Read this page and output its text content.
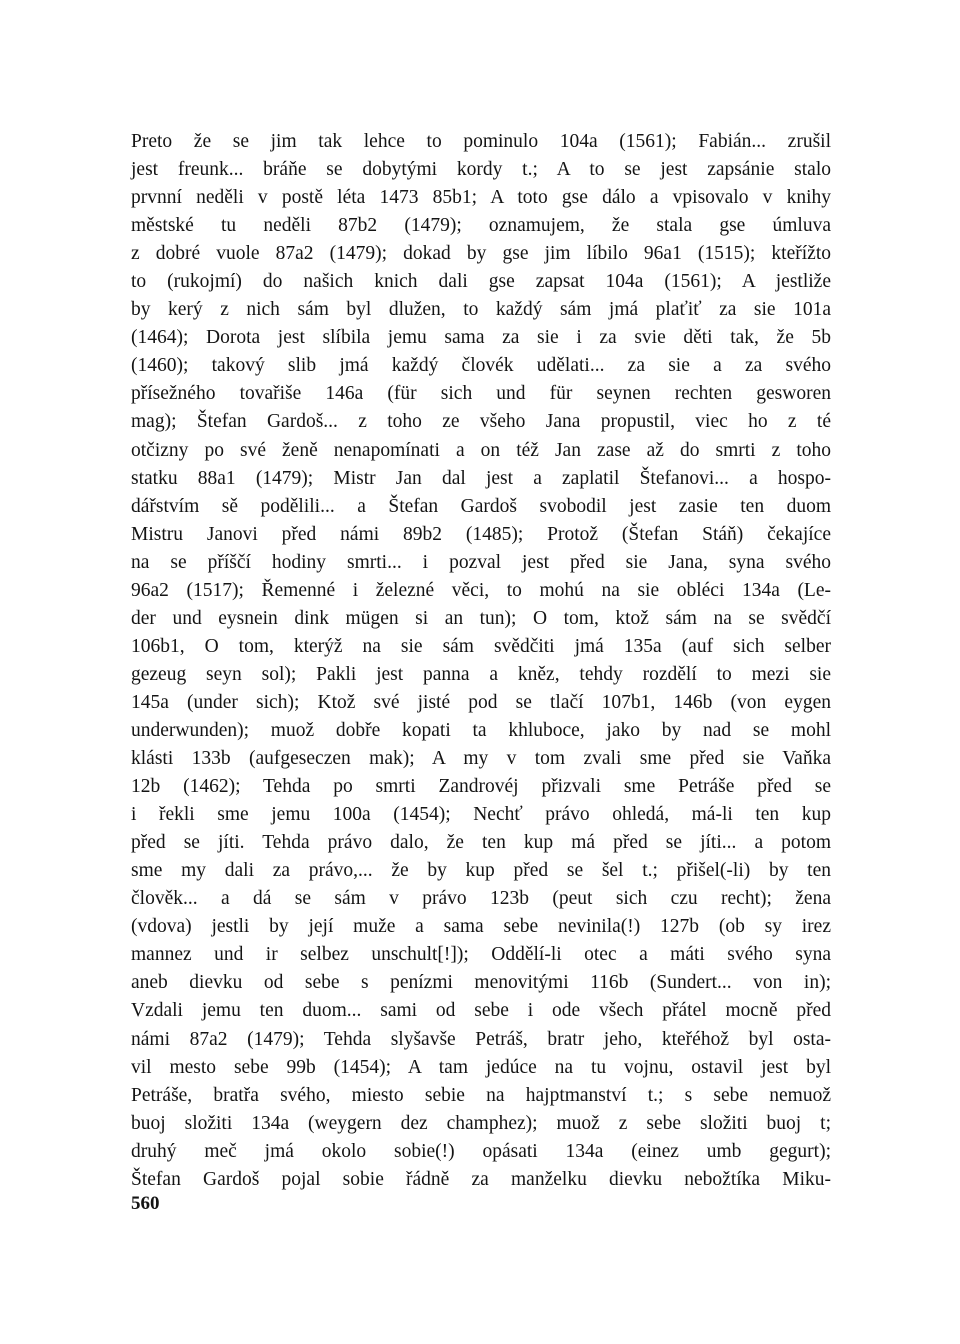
Preto že se jim tak lehce to pominulo 104a (1561); Fabián... zrušil
jest freunk... bráňe se dobytými kordy t.; A to se jest zapsánie stalo
prvnní neděli v postě léta 1473 85b1; A toto gse dálo a vpisovalo v knihy
městské tu neděli 87b2 (1479); oznamujem, že stala gse úmluva
z dobré vuole 87a2 (1479); dokad by gse jim líbilo 96a1 (1515); kteřížto
to (rukojmí) do našich knich dali gse zapsat 104a (1561); A jestliže
by kerý z nich sám byl dlužen, to každý sám jmá plaťiť za sie 101a
(1464); Dorota jest slíbila jemu sama za sie i za svie děti tak, že 5b
(1460); takový slib jmá každý človék udělati... za sie a za svého
přísežného tovařiše 146a (für sich und für seynen rechten gesworen
mag); Štefan Gardoš... z toho ze všeho Jana propustil, viec ho z té
otčizny po své ženě nenapomínati a on též Jan zase až do smrti z toho
statku 88a1 (1479); Mistr Jan dal jest a zaplatil Štefanovi... a hospo-
dářstvím sě podělili... a Štefan Gardoš svobodil jest zasie ten duom
Mistru Janovi před námi 89b2 (1485); Protož (Štefan Stáň) čekajíce
na se příščí hodiny smrti... i pozval jest před sie Jana, syna svého
96a2 (1517); Řemenné i železné věci, to mohú na sie obléci 134a (Le-
der und eysnein dink mügen si an tun); O tom, ktož sám na se svědčí
106b1, O tom, kterýž na sie sám svědčiti jmá 135a (auf sich selber
gezeug seyn sol); Pakli jest panna a kněz, tehdy rozdělí to mezi sie
145a (under sich); Ktož své jisté pod se tlačí 107b1, 146b (von eygen
underwunden); muož dobře kopati ta khluboce, jako by nad se mohl
klásti 133b (aufgeseczen mak); A my v tom zvali sme před sie Vaňka
12b (1462); Tehda po smrti Zandrovéj přizvali sme Petráše před se
i řekli sme jemu 100a (1454); Nechť právo ohledá, má-li ten kup
před se jíti. Tehda právo dalo, že ten kup má před se jíti... a potom
sme my dali za právo,... že by kup před se šel t.; přišel(-li) by ten
člověk... a dá se sám v právo 123b (peut sich czu recht); žena
(vdova) jestli by její muže a sama sebe nevinila(!) 127b (ob sy irez
mannez und ir selbez unschult[!]); Oddělí-li otec a máti svého syna
aneb dievku od sebe s penízmi menovitými 116b (Sundert... von in);
Vzdali jemu ten duom... sami od sebe i ode všech přátel mocně před
námi 87a2 (1479); Tehda slyšavše Petráš, bratr jeho, kteřéhož byl osta-
vil mesto sebe 99b (1454); A tam jedúce na tu vojnu, ostavil jest byl
Petráše, bratřa svého, miesto sebie na hajptmanství t.; s sebe nemuož
buoj složiti 134a (weygern dez champhez); muož z sebe složiti buoj t;
druhý meč jmá okolo sobie(!) opásati 134a (einez umb gegurt);
Štefan Gardoš pojal sobie řádně za manželku dievku nebožtíka Miku-
560
